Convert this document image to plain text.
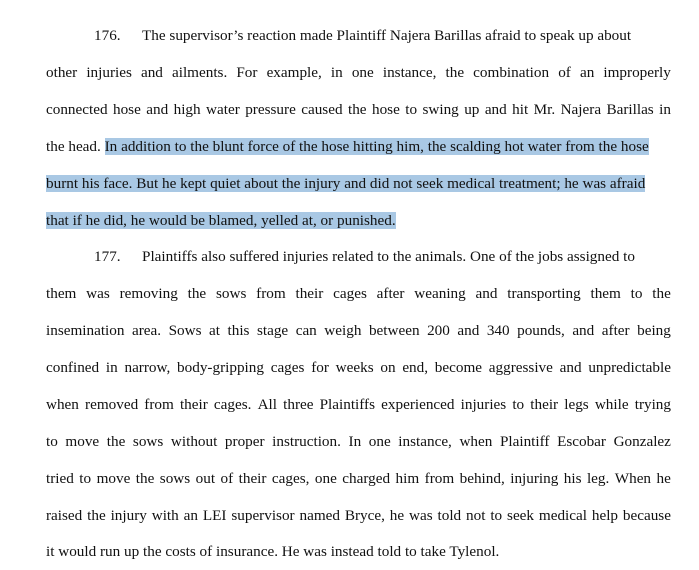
176. The supervisor’s reaction made Plaintiff Najera Barillas afraid to speak up about
other injuries and ailments. For example, in one instance, the combination of an improperly
connected hose and high water pressure caused the hose to swing up and hit Mr. Najera Barillas in
the head. In addition to the blunt force of the hose hitting him, the scalding hot water from the hose
burnt his face. But he kept quiet about the injury and did not seek medical treatment; he was afraid
that if he did, he would be blamed, yelled at, or punished.
177. Plaintiffs also suffered injuries related to the animals. One of the jobs assigned to
them was removing the sows from their cages after weaning and transporting them to the
insemination area. Sows at this stage can weigh between 200 and 340 pounds, and after being
confined in narrow, body-gripping cages for weeks on end, become aggressive and unpredictable
when removed from their cages. All three Plaintiffs experienced injuries to their legs while trying
to move the sows without proper instruction. In one instance, when Plaintiff Escobar Gonzalez
tried to move the sows out of their cages, one charged him from behind, injuring his leg. When he
raised the injury with an LEI supervisor named Bryce, he was told not to seek medical help because
it would run up the costs of insurance. He was instead told to take Tylenol.
